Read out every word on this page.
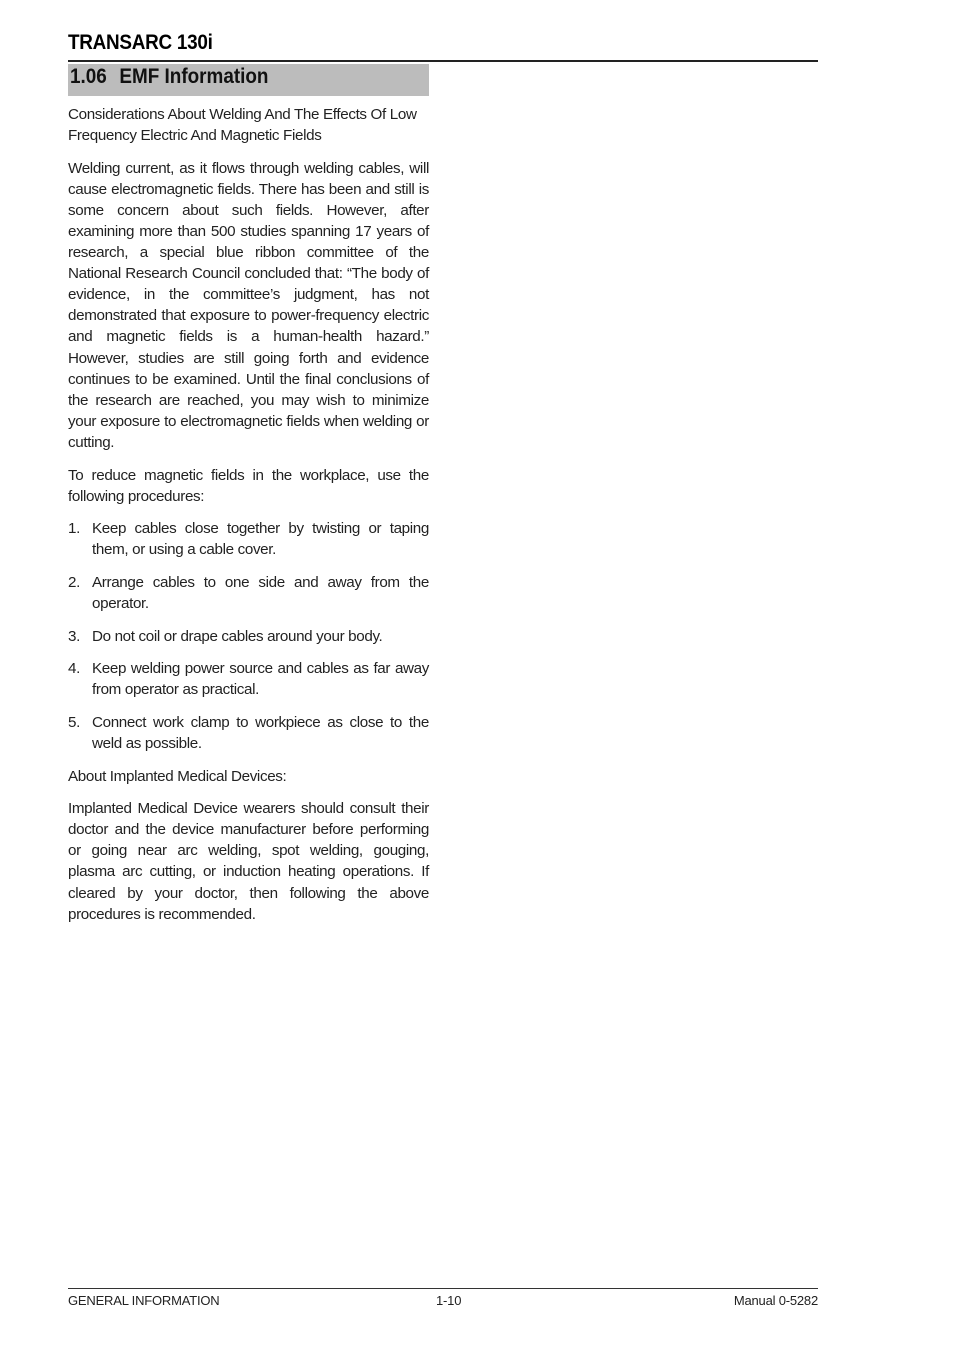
TRANSARC 130i
1.06 EMF Information

Considerations About Welding And The Effects Of Low Frequency Electric And Magnetic Fields

Welding current, as it flows through welding cables, will cause electromagnetic fields. There has been and still is some concern about such fields. However, after examining more than 500 studies spanning 17 years of research, a special blue ribbon committee of the National Research Council concluded that: “The body of evidence, in the committee’s judgment, has not demonstrated that exposure to power-frequency electric and magnetic fields is a human-health hazard.” However, studies are still going forth and evidence continues to be examined. Until the final conclusions of the research are reached, you may wish to minimize your exposure to electromagnetic fields when welding or cutting.

To reduce magnetic fields in the workplace, use the following procedures:

1. Keep cables close together by twisting or taping them, or using a cable cover.
2. Arrange cables to one side and away from the operator.
3. Do not coil or drape cables around your body.
4. Keep welding power source and cables as far away from operator as practical.
5. Connect work clamp to workpiece as close to the weld as possible.

About Implanted Medical Devices:

Implanted Medical Device wearers should consult their doctor and the device manufacturer before performing or going near arc welding, spot welding, gouging, plasma arc cutting, or induction heating operations. If cleared by your doctor, then following the above procedures is recommended.

GENERAL INFORMATION	1-10	Manual 0-5282
